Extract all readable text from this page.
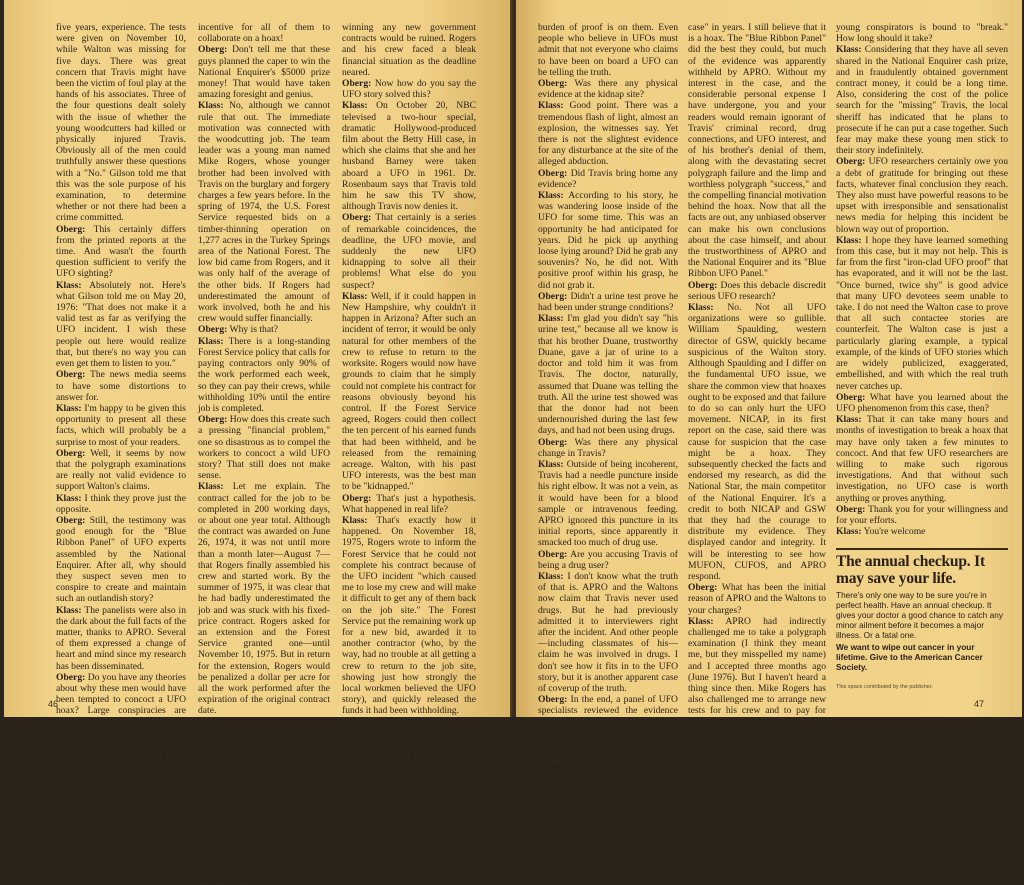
five years, experience. The tests were given on November 10, while Walton was missing for five days. There was great concern that Travis might have been the victim of foul play at the hands of his associates. Three of the four questions dealt solely with the issue of whether the young woodcutters had killed or physically injured Travis. Obviously all of the men could truthfully answer these questions with a "No." Gilson told me that this was the sole purpose of his examination, to determine whether or not there had been a crime committed.

Oberg: This certainly differs from the printed reports at the time. And wasn't the fourth question sufficient to verify the UFO sighting?

Klass: Absolutely not. Here's what Gilson told me on May 20, 1976: "That does not make it a valid test as far as verifying the UFO incident. I wish these people out here would realize that, but there's no way you can even get them to listen to you."

Oberg: The news media seems to have some distortions to answer for.

Klass: I'm happy to be given this opportunity to present all these facts, which will probably be a surprise to most of your readers.

Oberg: Well, it seems by now that the polygraph examinations are really not valid evidence to support Walton's claims.

Klass: I think they prove just the opposite.

Oberg: Still, the testimony was good enough for the "Blue Ribbon Panel" of UFO experts assembled by the National Enquirer. After all, why should they suspect seven men to conspire to create and maintain such an outlandish story?

Klass: The panelists were also in the dark about the full facts of the matter, thanks to APRO. Several of them expressed a change of heart and mind since my research has been disseminated.

Oberg: Do you have any theories about why these men would have been tempted to concoct a UFO hoax? Large conspiracies are always tricky.

Klass: That's a good point. The testimony of the six other men has seemed to many to substantiate the UFO abduction story because these witnesses seemed to have no motive other than possible friendship with Travis to fabricate the story. But my investigations revealed that there was a powerful motive shared by all seven men! There was a strong financial

incentive for all of them to collaborate on a hoax!

Oberg: Don't tell me that these guys planned the caper to win the National Enquirer's $5000 prize money! That would have taken amazing foresight and genius.

Klass: No, although we cannot rule that out. The immediate motivation was connected with the woodcutting job. The team leader was a young man named Mike Rogers, whose younger brother had been involved with Travis on the burglary and forgery charges a few years before. In the spring of 1974, the U.S. Forest Service requested bids on a timber-thinning operation on 1,277 acres in the Turkey Springs area of the National Forest. The low bid came from Rogers, and it was only half of the average of the other bids. If Rogers had underestimated the amount of work involved, both he and his crew would suffer financially.

Oberg: Why is that?

Klass: There is a long-standing Forest Service policy that calls for paying contractors only 90% of the work performed each week, so they can pay their crews, while withholding 10% until the entire job is completed.

Oberg: How does this create such a pressing "financial problem," one so disastrous as to compel the workers to concoct a wild UFO story? That still does not make sense.

Klass: Let me explain. The contract called for the job to be completed in 200 working days, or about one year total. Although the contract was awarded on June 26, 1974, it was not until more than a month later—August 7—that Rogers finally assembled his crew and started work. By the summer of 1975, it was clear that he had badly underestimated the job and was stuck with his fixed-price contract. Rogers asked for an extension and the Forest Service granted one—until November 10, 1975. But in return for the extension, Rogers would be penalized a dollar per acre for all the work performed after the expiration of the original contract date.

Oberg: I think I see what you are getting at. But just what was Rogers' problem as the new deadline neared, and how does Walton fit in?

Klass: It was clear to Rogers that he could not meet even his extended contract date. Without the "fortuitous" UFO incident, the best that Rogers could expect would be another deadline extension, but he would be assessed still another financial penalty on the contract price and his chance of

winning any new government contracts would be ruined. Rogers and his crew faced a bleak financial situation as the deadline neared.

Oberg: Now how do you say the UFO story solved this?

Klass: On October 20, NBC televised a two-hour special, dramatic Hollywood-produced film about the Betty Hill case, in which she claims that she and her husband Barney were taken aboard a UFO in 1961. Dr. Rosenbaum says that Travis told him he saw this TV show, although Travis now denies it.

Oberg: That certainly is a series of remarkable coincidences, the deadline, the UFO movie, and suddenly the new UFO kidnapping to solve all their problems! What else do you suspect?

Klass: Well, if it could happen in New Hampshire, why couldn't it happen in Arizona? After such an incident of terror, it would be only natural for other members of the crew to refuse to return to the worksite. Rogers would now have grounds to claim that he simply could not complete his contract for reasons obviously beyond his control. If the Forest Service agreed, Rogers could then collect the ten percent of his earned funds that had been withheld, and be released from the remaining acreage. Walton, with his past UFO interests, was the best man to be "kidnapped."

Oberg: That's just a hypothesis. What happened in real life?

Klass: That's exactly how it happened. On November 18, 1975, Rogers wrote to inform the Forest Service that he could not complete his contract because of the UFO incident "which caused me to lose my crew and will make it difficult to get any of them back on the job site." The Forest Service put the remaining work up for a new bid, awarded it to another contractor (who, by the way, had no trouble at all getting a crew to return to the job site, showing just how strongly the local workmen believed the UFO story), and quickly released the funds it had been withholding.

Oberg: That's an intriguing story. What kind of evidence can you add that would make this story easier to believe than a real UFO kidnapping?

Klass: Oh, come on now! I think I've proved quite definitely that there is not the slightest reason to believe the testimony of Walton and the others regarding the UFO incident, and that there is considerable evidence to lead an unbiased observer to positively disbelieve these young men. The

46

burden of proof is on them. Even people who believe in UFOs must admit that not everyone who claims to have been on board a UFO can be telling the truth.

Oberg: Was there any physical evidence at the kidnap site?

Klass: Good point. There was a tremendous flash of light, almost an explosion, the witnesses say. Yet there is not the slightest evidence for any disturbance at the site of the alleged abduction.

Oberg: Did Travis bring home any evidence?

Klass: According to his story, he was wandering loose inside of the UFO for some time. This was an opportunity he had anticipated for years. Did he pick up anything loose lying around? Did he grab any souvenirs? No, he did not. With positive proof within his grasp, he did not grab it.

Oberg: Didn't a urine test prove he had been under strange conditions?

Klass: I'm glad you didn't say "his urine test," because all we know is that his brother Duane, trustworthy Duane, gave a jar of urine to a doctor and told him it was from Travis. The doctor, naturally, assumed that Duane was telling the truth. All the urine test showed was that the donor had not been undernourished during the last few days, and had not been using drugs.

Oberg: Was there any physical change in Travis?

Klass: Outside of being incoherent, Travis had a needle puncture inside his right elbow. It was not a vein, as it would have been for a blood sample or intravenous feeding. APRO ignored this puncture in its initial reports, since apparently it smacked too much of drug use.

Oberg: Are you accusing Travis of being a drug user?

Klass: I don't know what the truth of that is. APRO and the Waltons now claim that Travis never used drugs. But he had previously admitted it to interviewers right after the incident. And other people—including classmates of his—claim he was involved in drugs. I don't see how it fits in to the UFO story, but it is another apparent case of coverup of the truth.

Oberg: In the end, a panel of UFO specialists reviewed the evidence and concluded that it was the best case of the year, possibly one of the best cases ever. What do you know that they do not?

Klass: Well, I might agree that the Walton case may be the best "UFO

case" in years. I still believe that it is a hoax. The "Blue Ribbon Panel" did the best they could, but much of the evidence was apparently withheld by APRO. Without my interest in the case, and the considerable personal expense I have undergone, you and your readers would remain ignorant of Travis' criminal record, drug connections, and UFO interest, and of his brother's denial of them, along with the devastating secret polygraph failure and the limp and worthless polygraph "success," and the compelling financial motivation behind the hoax. Now that all the facts are out, any unbiased observer can make his own conclusions about the case himself, and about the trustworthiness of APRO and the National Enquirer and its "Blue Ribbon UFO Panel."

Oberg: Does this debacle discredit serious UFO research?

Klass: No. Not all UFO organizations were so gullible. William Spaulding, western director of GSW, quickly became suspicious of the Walton story. Although Spaulding and I differ on the fundamental UFO issue, we share the common view that hoaxes ought to be exposed and that failure to do so can only hurt the UFO movement. NICAP, in its first report on the case, said there was cause for suspicion that the case might be a hoax. They subsequently checked the facts and endorsed my research, as did the National Star, the main competitor of the National Enquirer. It's a credit to both NICAP and GSW that they had the courage to distribute my evidence. They displayed candor and integrity. It will be interesting to see how MUFON, CUFOS, and APRO respond.

Oberg: What has been the initial reason of APRO and the Waltons to your charges?

Klass: APRO had indirectly challenged me to take a polygraph examination (I think they meant me, but they misspelled my name) and I accepted three months ago (June 1976). But I haven't heard a thing since then. Mike Rogers has also challenged me to arrange new tests for his crew and to pay for them if they pass. But he has strung so many unreasonable deadlines and conditions that it seems he hopes I'll decline. I immediately accepted in principle. I am anxious to have these young men face a real polygraph examination, although I think the proof of my case has already been achieved.

Oberg: If you are correct in your evaluation of the case, one of the seven

young conspirators is bound to "break." How long should it take?

Klass: Considering that they have all seven shared in the National Enquirer cash prize, and in fraudulently obtained government contract money, it could be a long time. Also, considering the cost of the police search for the "missing" Travis, the local sheriff has indicated that he plans to prosecute if he can put a case together. Such fear may make these young men stick to their story indefinitely.

Oberg: UFO researchers certainly owe you a debt of gratitude for bringing out these facts, whatever final conclusion they reach. They also must have powerful reasons to be upset with irresponsible and sensationalist news media for helping this incident be blown way out of proportion.

Klass: I hope they have learned something from this case, but it may not help. This is far from the first "iron-clad UFO proof" that has evaporated, and it will not be the last. "Once burned, twice shy" is good advice that many UFO devotees seem unable to take. I do not need the Walton case to prove that all such contactee stories are counterfeit. The Walton case is just a particularly glaring example, a typical example, of the kinds of UFO stories which are widely publicized, exaggerated, embellished, and with which the real truth never catches up.

Oberg: What have you learned about the UFO phenomenon from this case, then?

Klass: That it can take many hours and months of investigation to break a hoax that may have only taken a few minutes to concoct. And that few UFO researchers are willing to make such rigorous investigations. And that without such investigation, no UFO case is worth anything or proves anything.

Oberg: Thank you for your willingness and for your efforts.

Klass: You're welcome

The annual checkup. It may save your life.

There's only one way to be sure you're in perfect health. Have an annual checkup. It gives your doctor a good chance to catch any minor ailment before it becomes a major illness. Or a fatal one.

We want to wipe out cancer in your lifetime. Give to the American Cancer Society.

This space contributed by the publisher.
47
